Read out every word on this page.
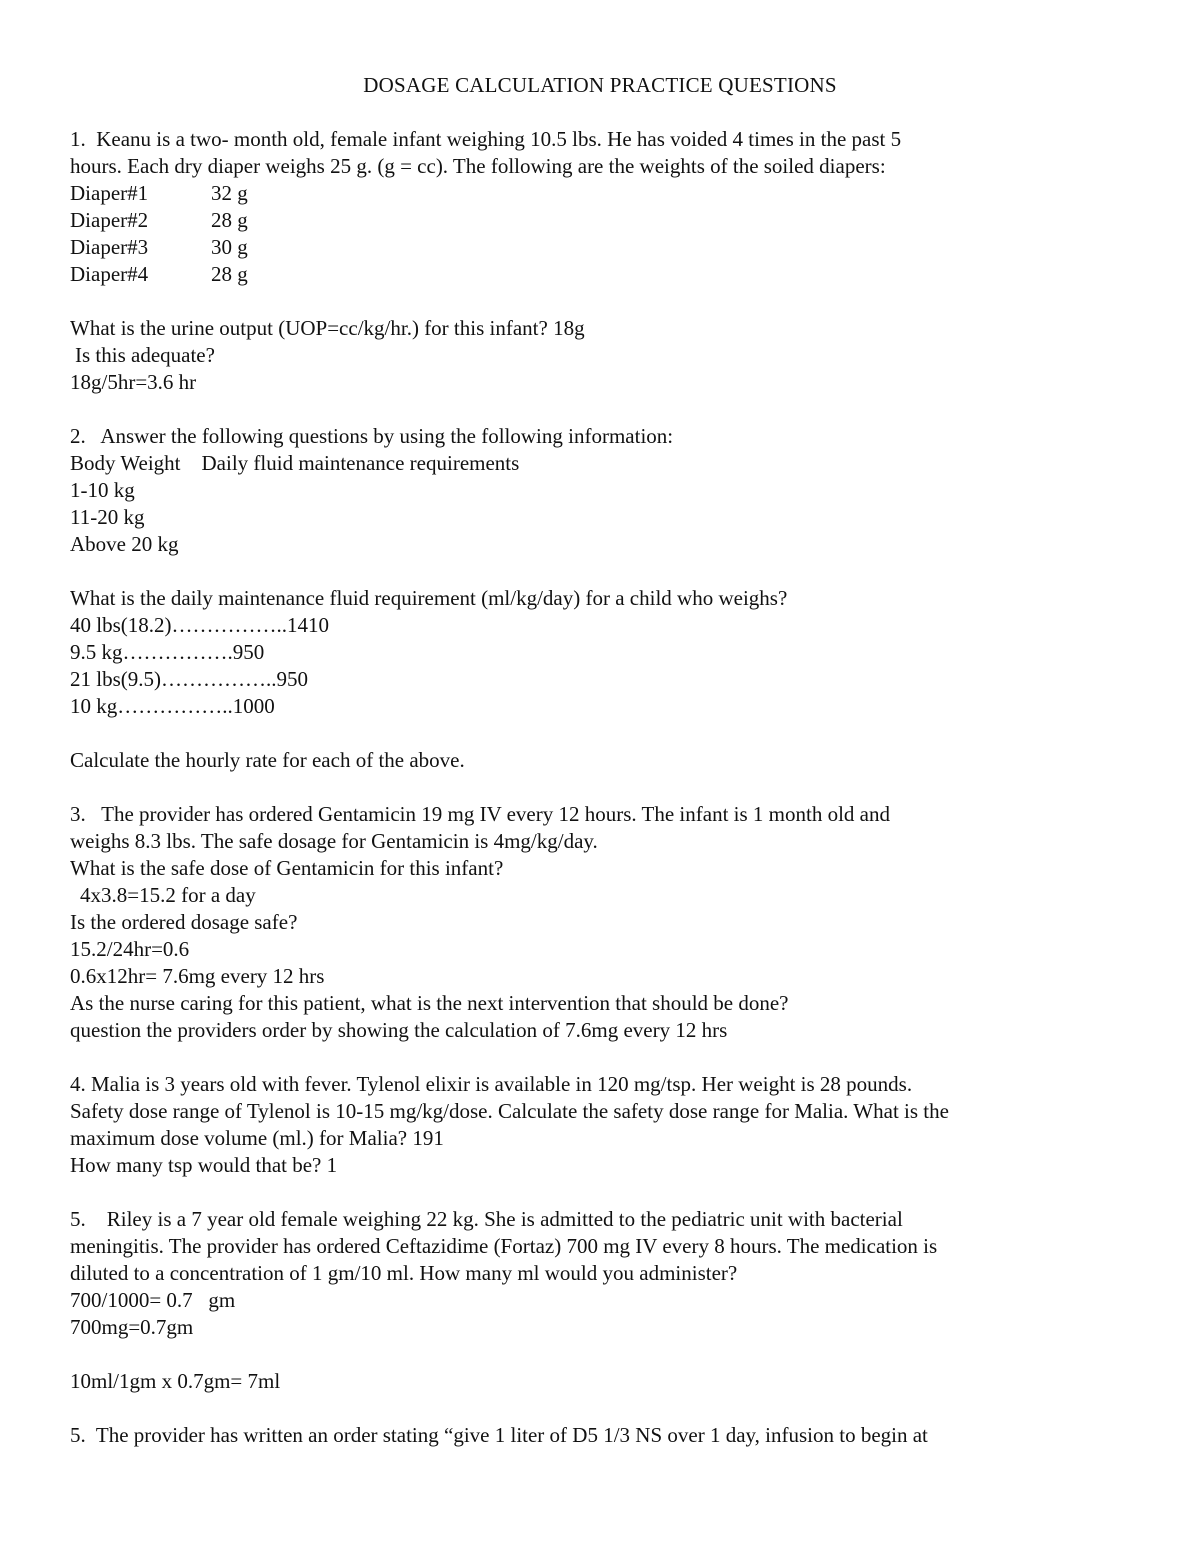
DOSAGE CALCULATION PRACTICE QUESTIONS
1.  Keanu is a two- month old, female infant weighing 10.5 lbs. He has voided 4 times in the past 5
hours. Each dry diaper weighs 25 g. (g = cc). The following are the weights of the soiled diapers:
Diaper#1	32 g
Diaper#2	28 g
Diaper#3	30 g
Diaper#4	28 g
What is the urine output (UOP=cc/kg/hr.) for this infant? 18g
Is this adequate?
18g/5hr=3.6 hr
2.   Answer the following questions by using the following information:
Body Weight    Daily fluid maintenance requirements
1-10 kg
11-20 kg
Above 20 kg
What is the daily maintenance fluid requirement (ml/kg/day) for a child who weighs?
40 lbs(18.2)……………..1410
9.5 kg…………….950
21 lbs(9.5)……………..950
10 kg……………..1000
Calculate the hourly rate for each of the above.
3.   The provider has ordered Gentamicin 19 mg IV every 12 hours. The infant is 1 month old and
weighs 8.3 lbs. The safe dosage for Gentamicin is 4mg/kg/day.
What is the safe dose of Gentamicin for this infant?
4x3.8=15.2 for a day
Is the ordered dosage safe?
15.2/24hr=0.6
0.6x12hr= 7.6mg every 12 hrs
As the nurse caring for this patient, what is the next intervention that should be done?
question the providers order by showing the calculation of 7.6mg every 12 hrs
4. Malia is 3 years old with fever. Tylenol elixir is available in 120 mg/tsp. Her weight is 28 pounds.
Safety dose range of Tylenol is 10-15 mg/kg/dose. Calculate the safety dose range for Malia. What is the
maximum dose volume (ml.) for Malia? 191
How many tsp would that be? 1
5.    Riley is a 7 year old female weighing 22 kg. She is admitted to the pediatric unit with bacterial
meningitis. The provider has ordered Ceftazidime (Fortaz) 700 mg IV every 8 hours. The medication is
diluted to a concentration of 1 gm/10 ml. How many ml would you administer?
700/1000= 0.7   gm
700mg=0.7gm
10ml/1gm x 0.7gm= 7ml
5.  The provider has written an order stating “give 1 liter of D5 1/3 NS over 1 day, infusion to begin at
